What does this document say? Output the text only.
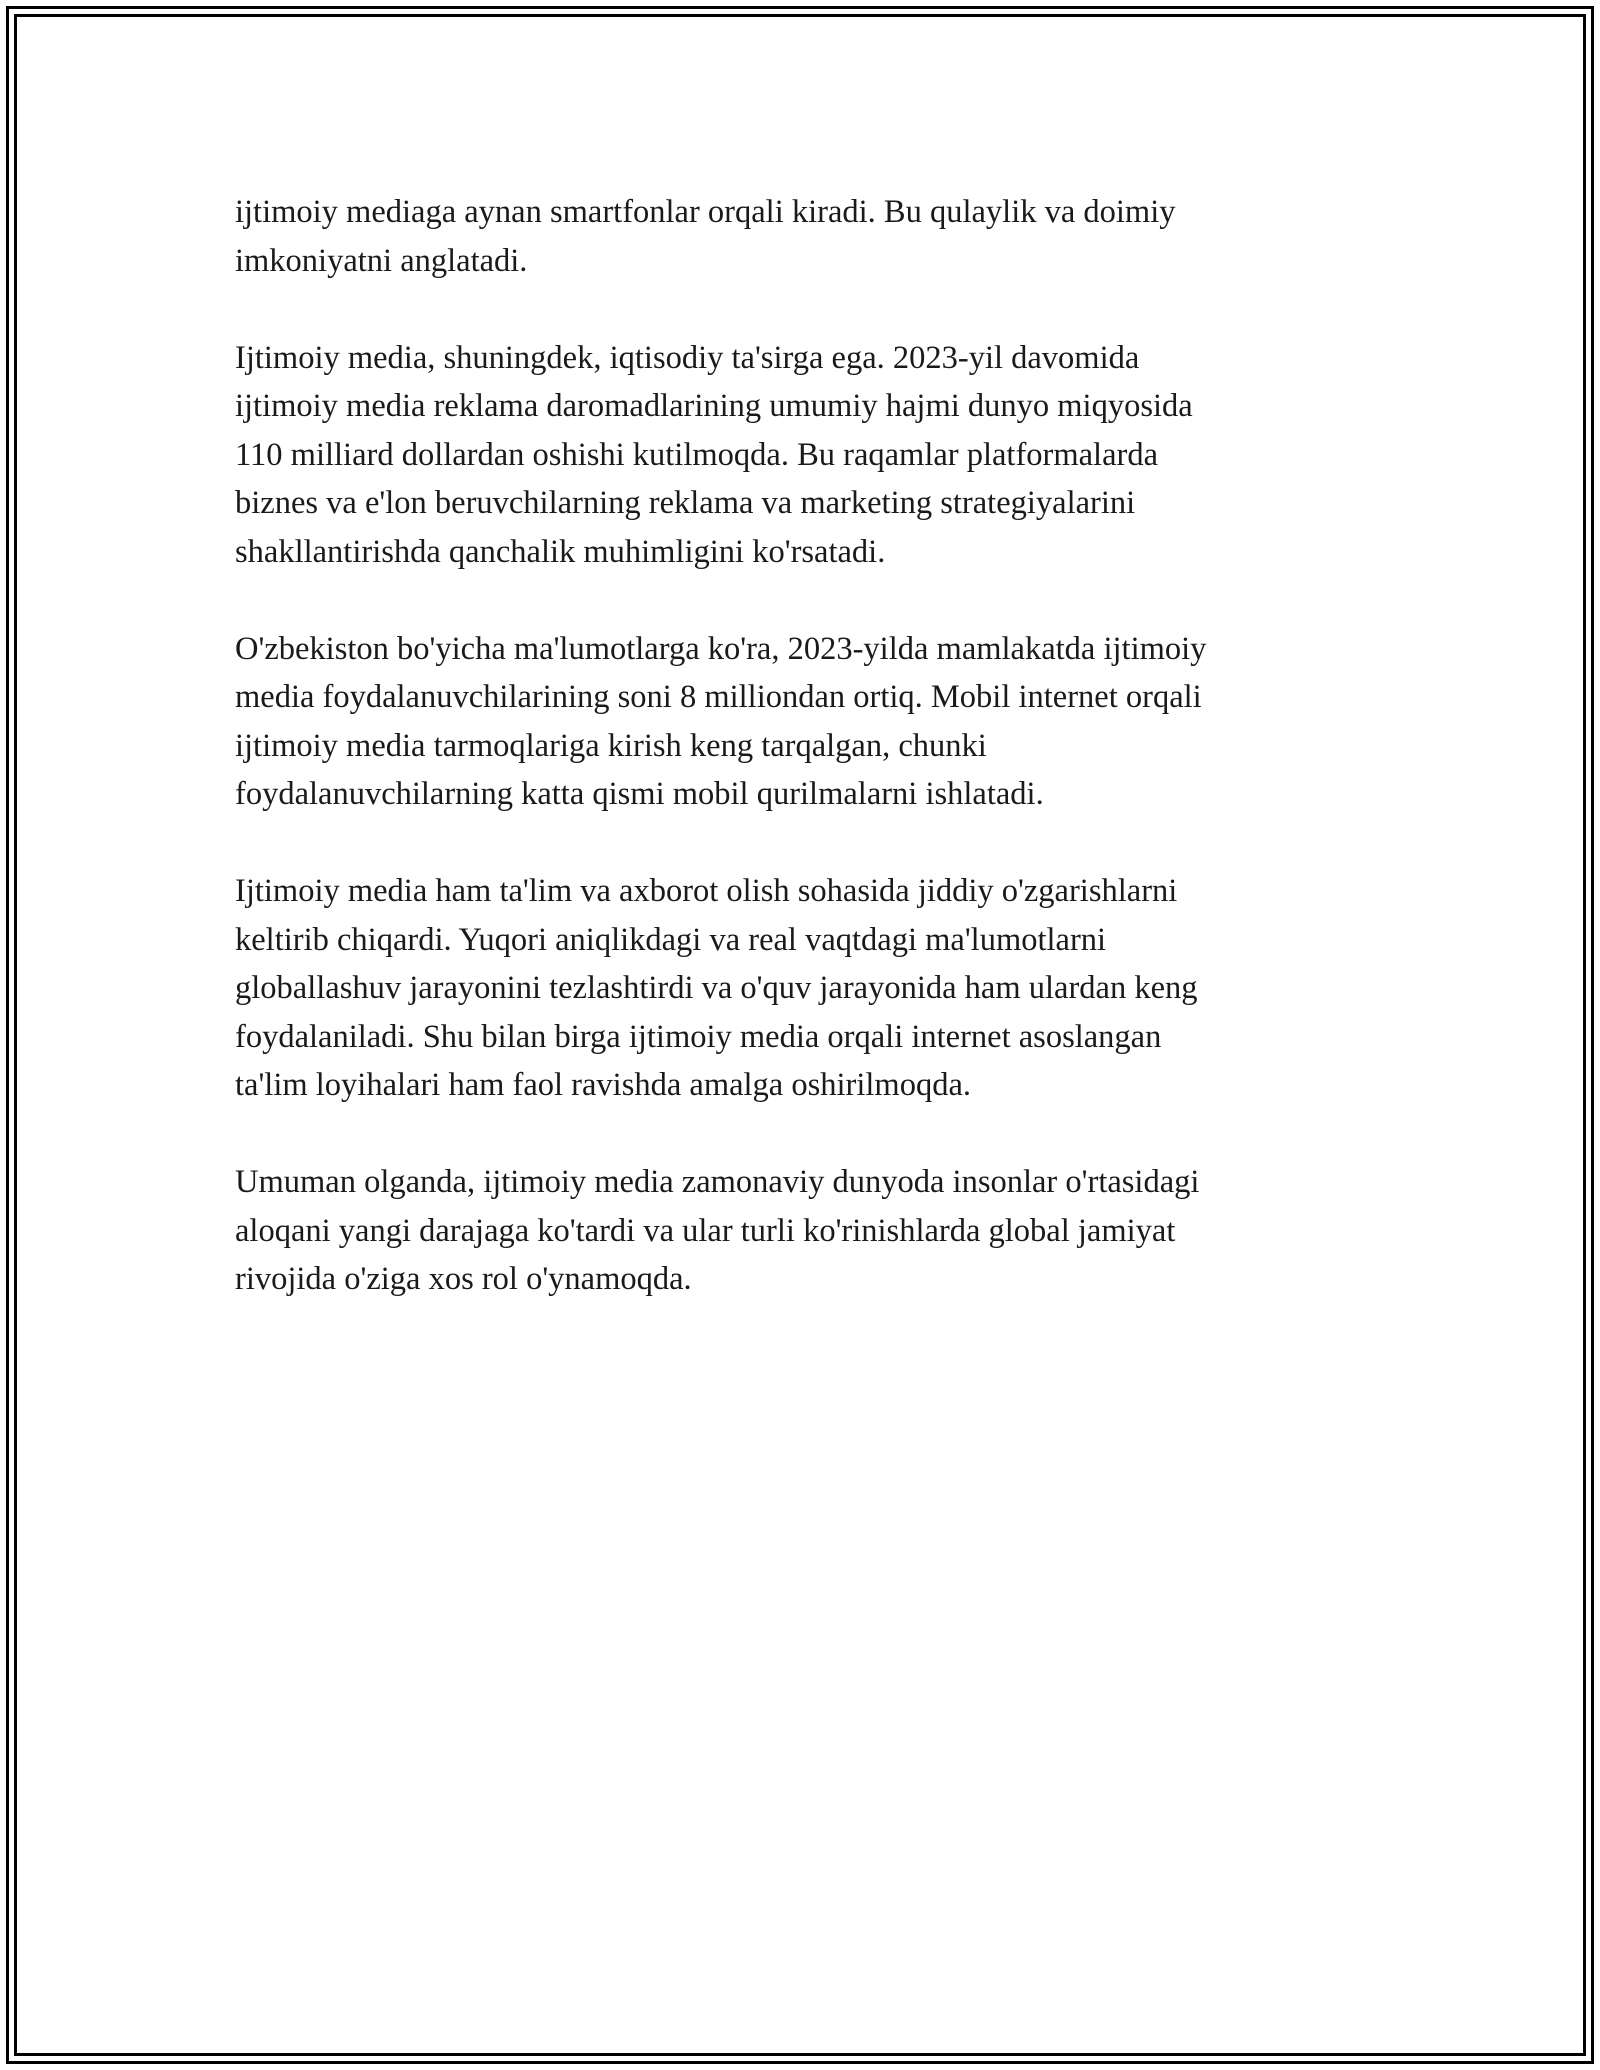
ijtimoiy mediaga aynan smartfonlar orqali kiradi. Bu qulaylik va doimiy
imkoniyatni anglatadi.

Ijtimoiy media, shuningdek, iqtisodiy ta'sirga ega. 2023-yil davomida
ijtimoiy media reklama daromadlarining umumiy hajmi dunyo miqyosida
110 milliard dollardan oshishi kutilmoqda. Bu raqamlar platformalarda
biznes va e'lon beruvchilarning reklama va marketing strategiyalarini
shakllantirishda qanchalik muhimligini ko'rsatadi.

O'zbekiston bo'yicha ma'lumotlarga ko'ra, 2023-yilda mamlakatda ijtimoiy
media foydalanuvchilarining soni 8 milliondan ortiq. Mobil internet orqali
ijtimoiy media tarmoqlariga kirish keng tarqalgan, chunki
foydalanuvchilarning katta qismi mobil qurilmalarni ishlatadi.

Ijtimoiy media ham ta'lim va axborot olish sohasida jiddiy o'zgarishlarni
keltirib chiqardi. Yuqori aniqlikdagi va real vaqtdagi ma'lumotlarni
globallashuv jarayonini tezlashtirdi va o'quv jarayonida ham ulardan keng
foydalaniladi. Shu bilan birga ijtimoiy media orqali internet asoslangan
ta'lim loyihalari ham faol ravishda amalga oshirilmoqda.

Umuman olganda, ijtimoiy media zamonaviy dunyoda insonlar o'rtasidagi
aloqani yangi darajaga ko'tardi va ular turli ko'rinishlarda global jamiyat
rivojida o'ziga xos rol o'ynamoqda.
